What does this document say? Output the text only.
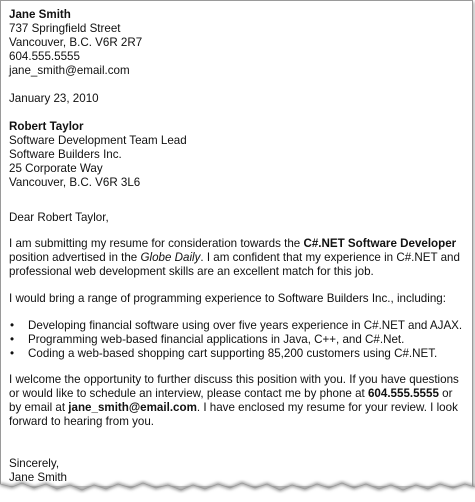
Jane Smith
737 Springfield Street
Vancouver, B.C. V6R 2R7
604.555.5555
jane_smith@email.com
January 23, 2010
Robert Taylor
Software Development Team Lead
Software Builders Inc.
25 Corporate Way
Vancouver, B.C. V6R 3L6
Dear Robert Taylor,
I am submitting my resume for consideration towards the C#.NET Software Developer
position advertised in the Globe Daily. I am confident that my experience in C#.NET and
professional web development skills are an excellent match for this job.
I would bring a range of programming experience to Software Builders Inc., including:
• Developing financial software using over five years experience in C#.NET and AJAX.
• Programming web-based financial applications in Java, C++, and C#.Net.
• Coding a web-based shopping cart supporting 85,200 customers using C#.NET.
I welcome the opportunity to further discuss this position with you. If you have questions
or would like to schedule an interview, please contact me by phone at 604.555.5555 or
by email at jane_smith@email.com. I have enclosed my resume for your review. I look
forward to hearing from you.
Sincerely,
Jane Smith
